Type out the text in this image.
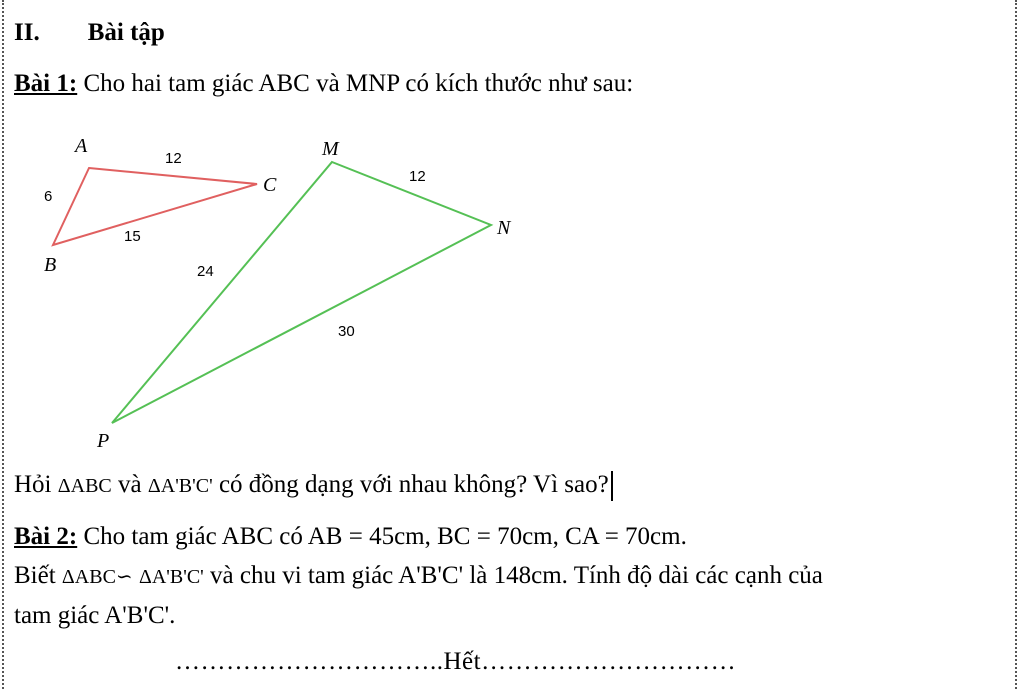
II. Bài tập
Bài 1: Cho hai tam giác ABC và MNP có kích thước như sau:
A
B
C
6
12
15
M
N
P
12
24
30
Hỏi ΔABC và ΔA'B'C' có đồng dạng với nhau không? Vì sao?
Bài 2: Cho tam giác ABC có AB = 45cm, BC = 70cm, CA = 70cm.
Biết ΔABC∽ ΔA'B'C' và chu vi tam giác A'B'C' là 148cm. Tính độ dài các cạnh của
tam giác A'B'C'.
…………………………..Hết…………………………
